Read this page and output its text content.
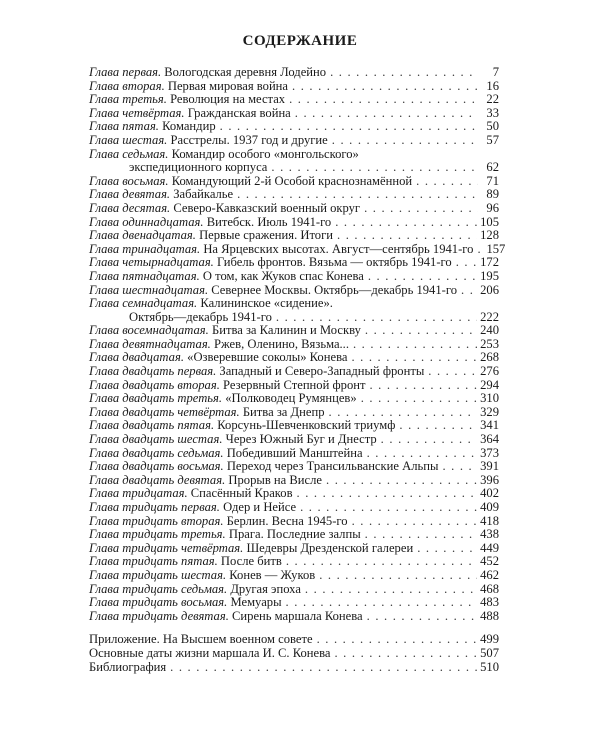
СОДЕРЖАНИЕ
Глава первая.
Вологодская деревня Лодейно . . .	7
Глава вторая.
Первая мировая война . . .	16
Глава третья.
Революция на местах . . .	22
Глава четвёртая.
Гражданская война . . .	33
Глава пятая.
Командир . . .	50
Глава шестая.
Расстрелы. 1937 год и другие . . .	57
Глава седьмая.
Командир особого «монгольского»
экспедиционного корпуса . . .	62
Глава восьмая.
Командующий 2-й Особой краснознамённой . . .	71
Глава девятая.
Забайкалье . . .	89
Глава десятая.
Северо-Кавказский военный округ . . .	96
Глава одиннадцатая.
Витебск. Июль 1941-го . . .	105
Глава двенадцатая.
Первые сражения. Итоги . . .	128
Глава тринадцатая.
На Ярцевских высотах. Август—сентябрь 1941-го . . . 157
Глава четырнадцатая.
Гибель фронтов. Вязьма — октябрь 1941-го . . . 172
Глава пятнадцатая.
О том, как Жуков спас Конева . . .	195
Глава шестнадцатая.
Севернее Москвы. Октябрь—декабрь 1941-го . . . 206
Глава семнадцатая.
Калининское «сидение».
Октябрь—декабрь 1941-го . . .	222
Глава восемнадцатая.
Битва за Калинин и Москву . . .	240
Глава девятнадцатая.
Ржев, Оленино, Вязьма... . . .	253
Глава двадцатая.
«Озверевшие соколы» Конева . . .	268
Глава двадцать первая.
Западный и Северо-Западный фронты . . .	276
Глава двадцать вторая.
Резервный Степной фронт . . .	294
Глава двадцать третья.
«Полководец Румянцев» . . .	310
Глава двадцать четвёртая.
Битва за Днепр . . .	329
Глава двадцать пятая.
Корсунь-Шевченковский триумф . . .	341
Глава двадцать шестая.
Через Южный Буг и Днестр . . .	364
Глава двадцать седьмая.
Победивший Манштейна . . .	373
Глава двадцать восьмая.
Переход через Трансильванские Альпы . . .	391
Глава двадцать девятая.
Прорыв на Висле . . .	396
Глава тридцатая.
Спасённый Краков . . .	402
Глава тридцать первая.
Одер и Нейсе . . .	409
Глава тридцать вторая.
Берлин. Весна 1945-го . . .	418
Глава тридцать третья.
Прага. Последние залпы . . .	438
Глава тридцать четвёртая.
Шедевры Дрезденской галереи . . .	449
Глава тридцать пятая.
После битв . . .	452
Глава тридцать шестая.
Конев — Жуков . . .	462
Глава тридцать седьмая.
Другая эпоха . . .	468
Глава тридцать восьмая.
Мемуары . . .	483
Глава тридцать девятая.
Сирень маршала Конева . . .	488
Приложение. На Высшем военном совете . . .	499
Основные даты жизни маршала И. С. Конева . . .	507
Библиография . . .	510
